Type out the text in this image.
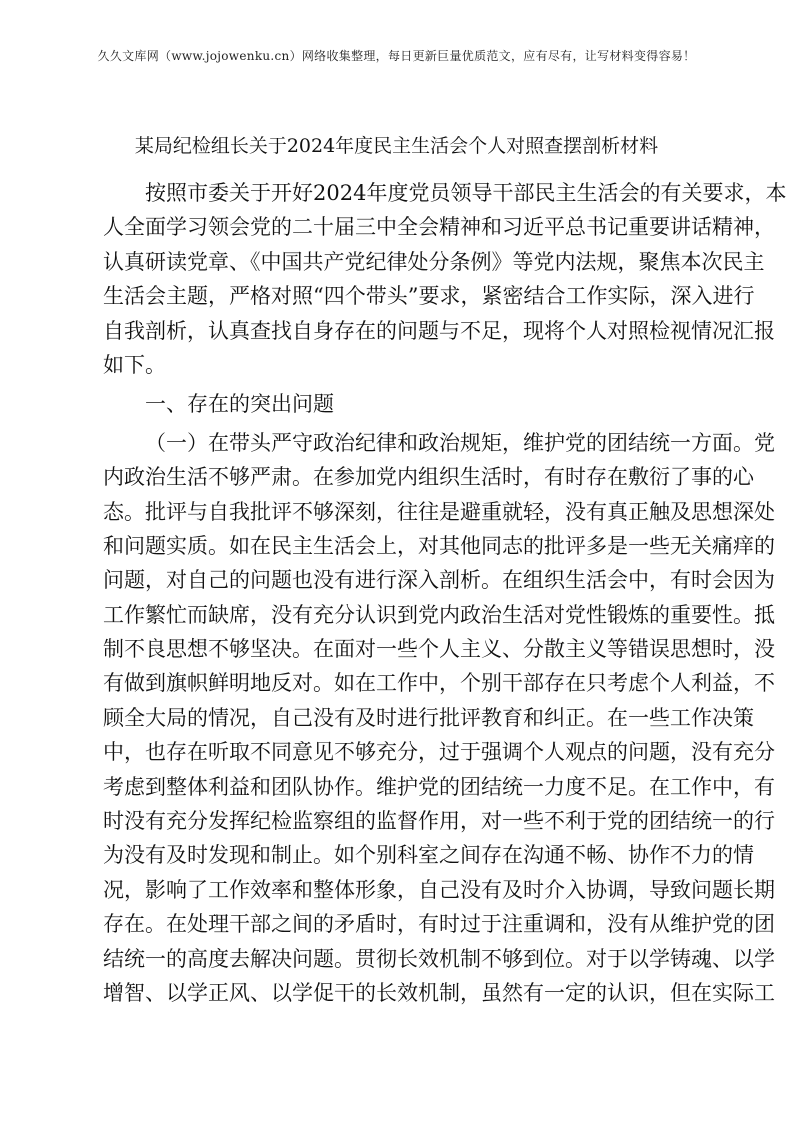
久久文库网（www.jojowenku.cn）网络收集整理，每日更新巨量优质范文，应有尽有，让写材料变得容易！
某局纪检组长关于2024年度民主生活会个人对照查摆剖析材料
按照市委关于开好2024年度党员领导干部民主生活会的有关要求，本
人全面学习领会党的二十届三中全会精神和习近平总书记重要讲话精神，
认真研读党章、《中国共产党纪律处分条例》等党内法规，聚焦本次民主
生活会主题，严格对照“四个带头”要求，紧密结合工作实际，深入进行
自我剖析，认真查找自身存在的问题与不足，现将个人对照检视情况汇报
如下。
一、存在的突出问题
（一）在带头严守政治纪律和政治规矩，维护党的团结统一方面。党
内政治生活不够严肃。在参加党内组织生活时，有时存在敷衍了事的心
态。批评与自我批评不够深刻，往往是避重就轻，没有真正触及思想深处
和问题实质。如在民主生活会上，对其他同志的批评多是一些无关痛痒的
问题，对自己的问题也没有进行深入剖析。在组织生活会中，有时会因为
工作繁忙而缺席，没有充分认识到党内政治生活对党性锻炼的重要性。抵
制不良思想不够坚决。在面对一些个人主义、分散主义等错误思想时，没
有做到旗帜鲜明地反对。如在工作中，个别干部存在只考虑个人利益，不
顾全大局的情况，自己没有及时进行批评教育和纠正。在一些工作决策
中，也存在听取不同意见不够充分，过于强调个人观点的问题，没有充分
考虑到整体利益和团队协作。维护党的团结统一力度不足。在工作中，有
时没有充分发挥纪检监察组的监督作用，对一些不利于党的团结统一的行
为没有及时发现和制止。如个别科室之间存在沟通不畅、协作不力的情
况，影响了工作效率和整体形象，自己没有及时介入协调，导致问题长期
存在。在处理干部之间的矛盾时，有时过于注重调和，没有从维护党的团
结统一的高度去解决问题。贯彻长效机制不够到位。对于以学铸魂、以学
增智、以学正风、以学促干的长效机制，虽然有一定的认识，但在实际工
